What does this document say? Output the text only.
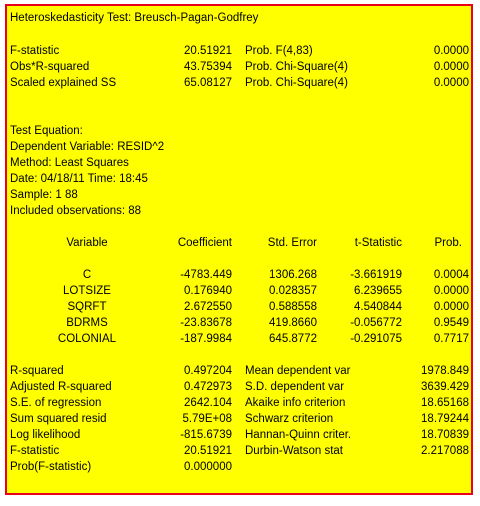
Heteroskedasticity Test: Breusch-Pagan-Godfrey
F-statistic	20.51921 Prob. F(4,83)	0.0000
Obs*R-squared	43.75394 Prob. Chi-Square(4)	0.0000
Scaled explained SS	65.08127 Prob. Chi-Square(4)	0.0000
Test Equation:
Dependent Variable: RESID^2
Method: Least Squares
Date: 04/18/11 Time: 18:45
Sample: 1 88
Included observations: 88
Variable	Coefficient	Std. Error	t-Statistic	Prob.
C	-4783.449	1306.268	-3.661919	0.0004
LOTSIZE	0.176940	0.028357	6.239655	0.0000
SQRFT	2.672550	0.588558	4.540844	0.0000
BDRMS	-23.83678	419.8660	-0.056772	0.9549
COLONIAL	-187.9984	645.8772	-0.291075	0.7717
R-squared	0.497204 Mean dependent var	1978.849
Adjusted R-squared	0.472973 S.D. dependent var	3639.429
S.E. of regression	2642.104 Akaike info criterion	18.65168
Sum squared resid	5.79E+08 Schwarz criterion	18.79244
Log likelihood	-815.6739 Hannan-Quinn criter.	18.70839
F-statistic	20.51921 Durbin-Watson stat	2.217088
Prob(F-statistic)	0.000000
